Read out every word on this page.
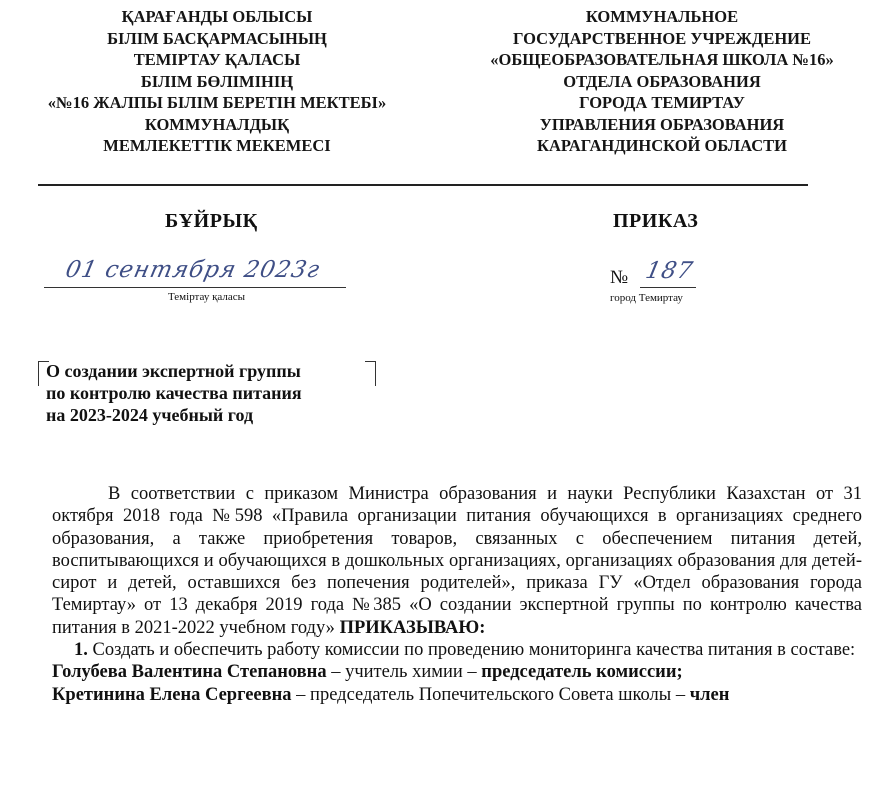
ҚАРАҒАНДЫ ОБЛЫСЫ
БІЛІМ БАСҚАРМАСЫНЫҢ
ТЕМІРТАУ ҚАЛАСЫ
БІЛІМ БӨЛІМІНІҢ
«№16 ЖАЛПЫ БІЛІМ БЕРЕТІН МЕКТЕБІ»
КОММУНАЛДЫҚ
МЕМЛЕКЕТТІК МЕКЕМЕСІ
КОММУНАЛЬНОЕ
ГОСУДАРСТВЕННОЕ УЧРЕЖДЕНИЕ
«ОБЩЕОБРАЗОВАТЕЛЬНАЯ ШКОЛА №16»
ОТДЕЛА ОБРАЗОВАНИЯ
ГОРОДА ТЕМИРТАУ
УПРАВЛЕНИЯ ОБРАЗОВАНИЯ
КАРАГАНДИНСКОЙ ОБЛАСТИ
БҰЙРЫҚ	ПРИКАЗ
01 сентября 2023г
Теміртау қаласы
№ 187
город Темиртау
О создании экспертной группы
по контролю качества питания
на 2023-2024 учебный год

В соответствии с приказом Министра образования и науки Республики Казахстан от 31 октября 2018 года №598 «Правила организации питания обучающихся в организациях среднего образования, а также приобретения товаров, связанных с обеспечением питания детей, воспитывающихся и обучающихся в дошкольных организациях, организациях образования для детей-сирот и детей, оставшихся без попечения родителей», приказа ГУ «Отдел образования города Темиртау» от 13 декабря 2019 года №385 «О создании экспертной группы по контролю качества питания в 2021-2022 учебном году» ПРИКАЗЫВАЮ:

1. Создать и обеспечить работу комиссии по проведению мониторинга качества питания в составе:

Голубева Валентина Степановна – учитель химии – председатель комиссии;

Кретинина Елена Сергеевна – председатель Попечительского Совета школы – член
